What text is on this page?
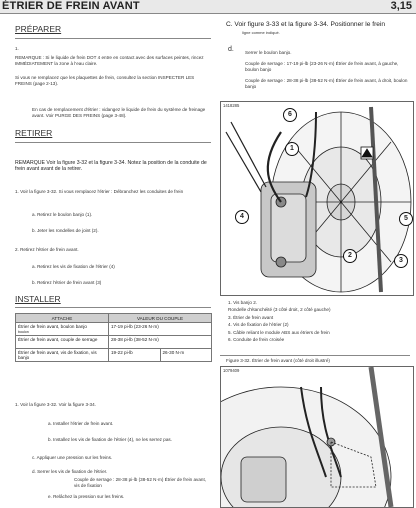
ÉTRIER DE FREIN AVANT	3,15
PRÉPARER
1.
REMARQUE : Si le liquide de frein DOT 4 entre en contact avec des surfaces peintes, rincez IMMÉDIATEMENT la zone à l'eau claire.
Si vous ne remplacez que les plaquettes de frein, consultez la section INSPECTER LES FREINS (page 2-13).
En cas de remplacement d'étrier : vidangez le liquide de frein du système de freinage avant. Voir PURGE DES FREINS (page 3-48).
RETIRER
REMARQUE Voir la figure 3-32 et la figure 3-34. Notez la position de la conduite de frein avant avant de la retirer.
1. Voir la figure 3-32. Si vous remplacez l'étrier : Débranchez les conduites de frein
a. Retirez le boulon banjo (1).
b. Jeter les rondelles de joint (2).
2. Retirez l'étrier de frein avant.
a. Retirez les vis de fixation de l'étrier (4)
b. Retirez l'étrier de frein avant (3)
INSTALLER
ATTACHE	VALEUR DU COUPLE	
Étrier de frein avant, boulon banjo
boulon	17-19 pi-lb (23-26 N·m)	
Étrier de frein avant, couple de serrage	28-38 pi-lb (38-52 N·m)	
Étrier de frein avant, vis de fixation, vis banjo	19-22 pi-lb	26-30 N·m
1. Voir la figure 3-32. Voir la figure 3-34.
a. Installer l'étrier de frein avant.
b. Installez les vis de fixation de l'étrier (4), ne les serrez pas.
c. Appliquer une pression sur les freins.
d. Serrer les vis de fixation de l'étrier.
Couple de serrage : 28-38 pi-lb (38-52 N·m) Étrier de frein avant, vis de fixation
e. Relâchez la pression sur les freins.
C. Voir figure 3-33 et la figure 3-34. Positionner le frein
ligne comme indiqué.
d. Serrer le boulon banjo.
Couple de serrage : 17-19 pi-lb (23-26 N·m) Étrier de frein avant, à gauche, boulon banjo
Couple de serrage : 28-38 pi-lb (38-52 N·m) Étrier de frein avant, à droit, boulon banjo
1418285
6
1
4
2
3
5
1. Vis banjo 2.
Rondelle d'étanchéité (3 côté droit, 2 côté gauche)
3. Étrier de frein avant
4. Vis de fixation de l'étrier (2)
5. Câble reliant le module ABS aux étriers de frein
6. Conduite de frein croisée
Figure 3-32. Étrier de frein avant (côté droit illustré)
1079409
